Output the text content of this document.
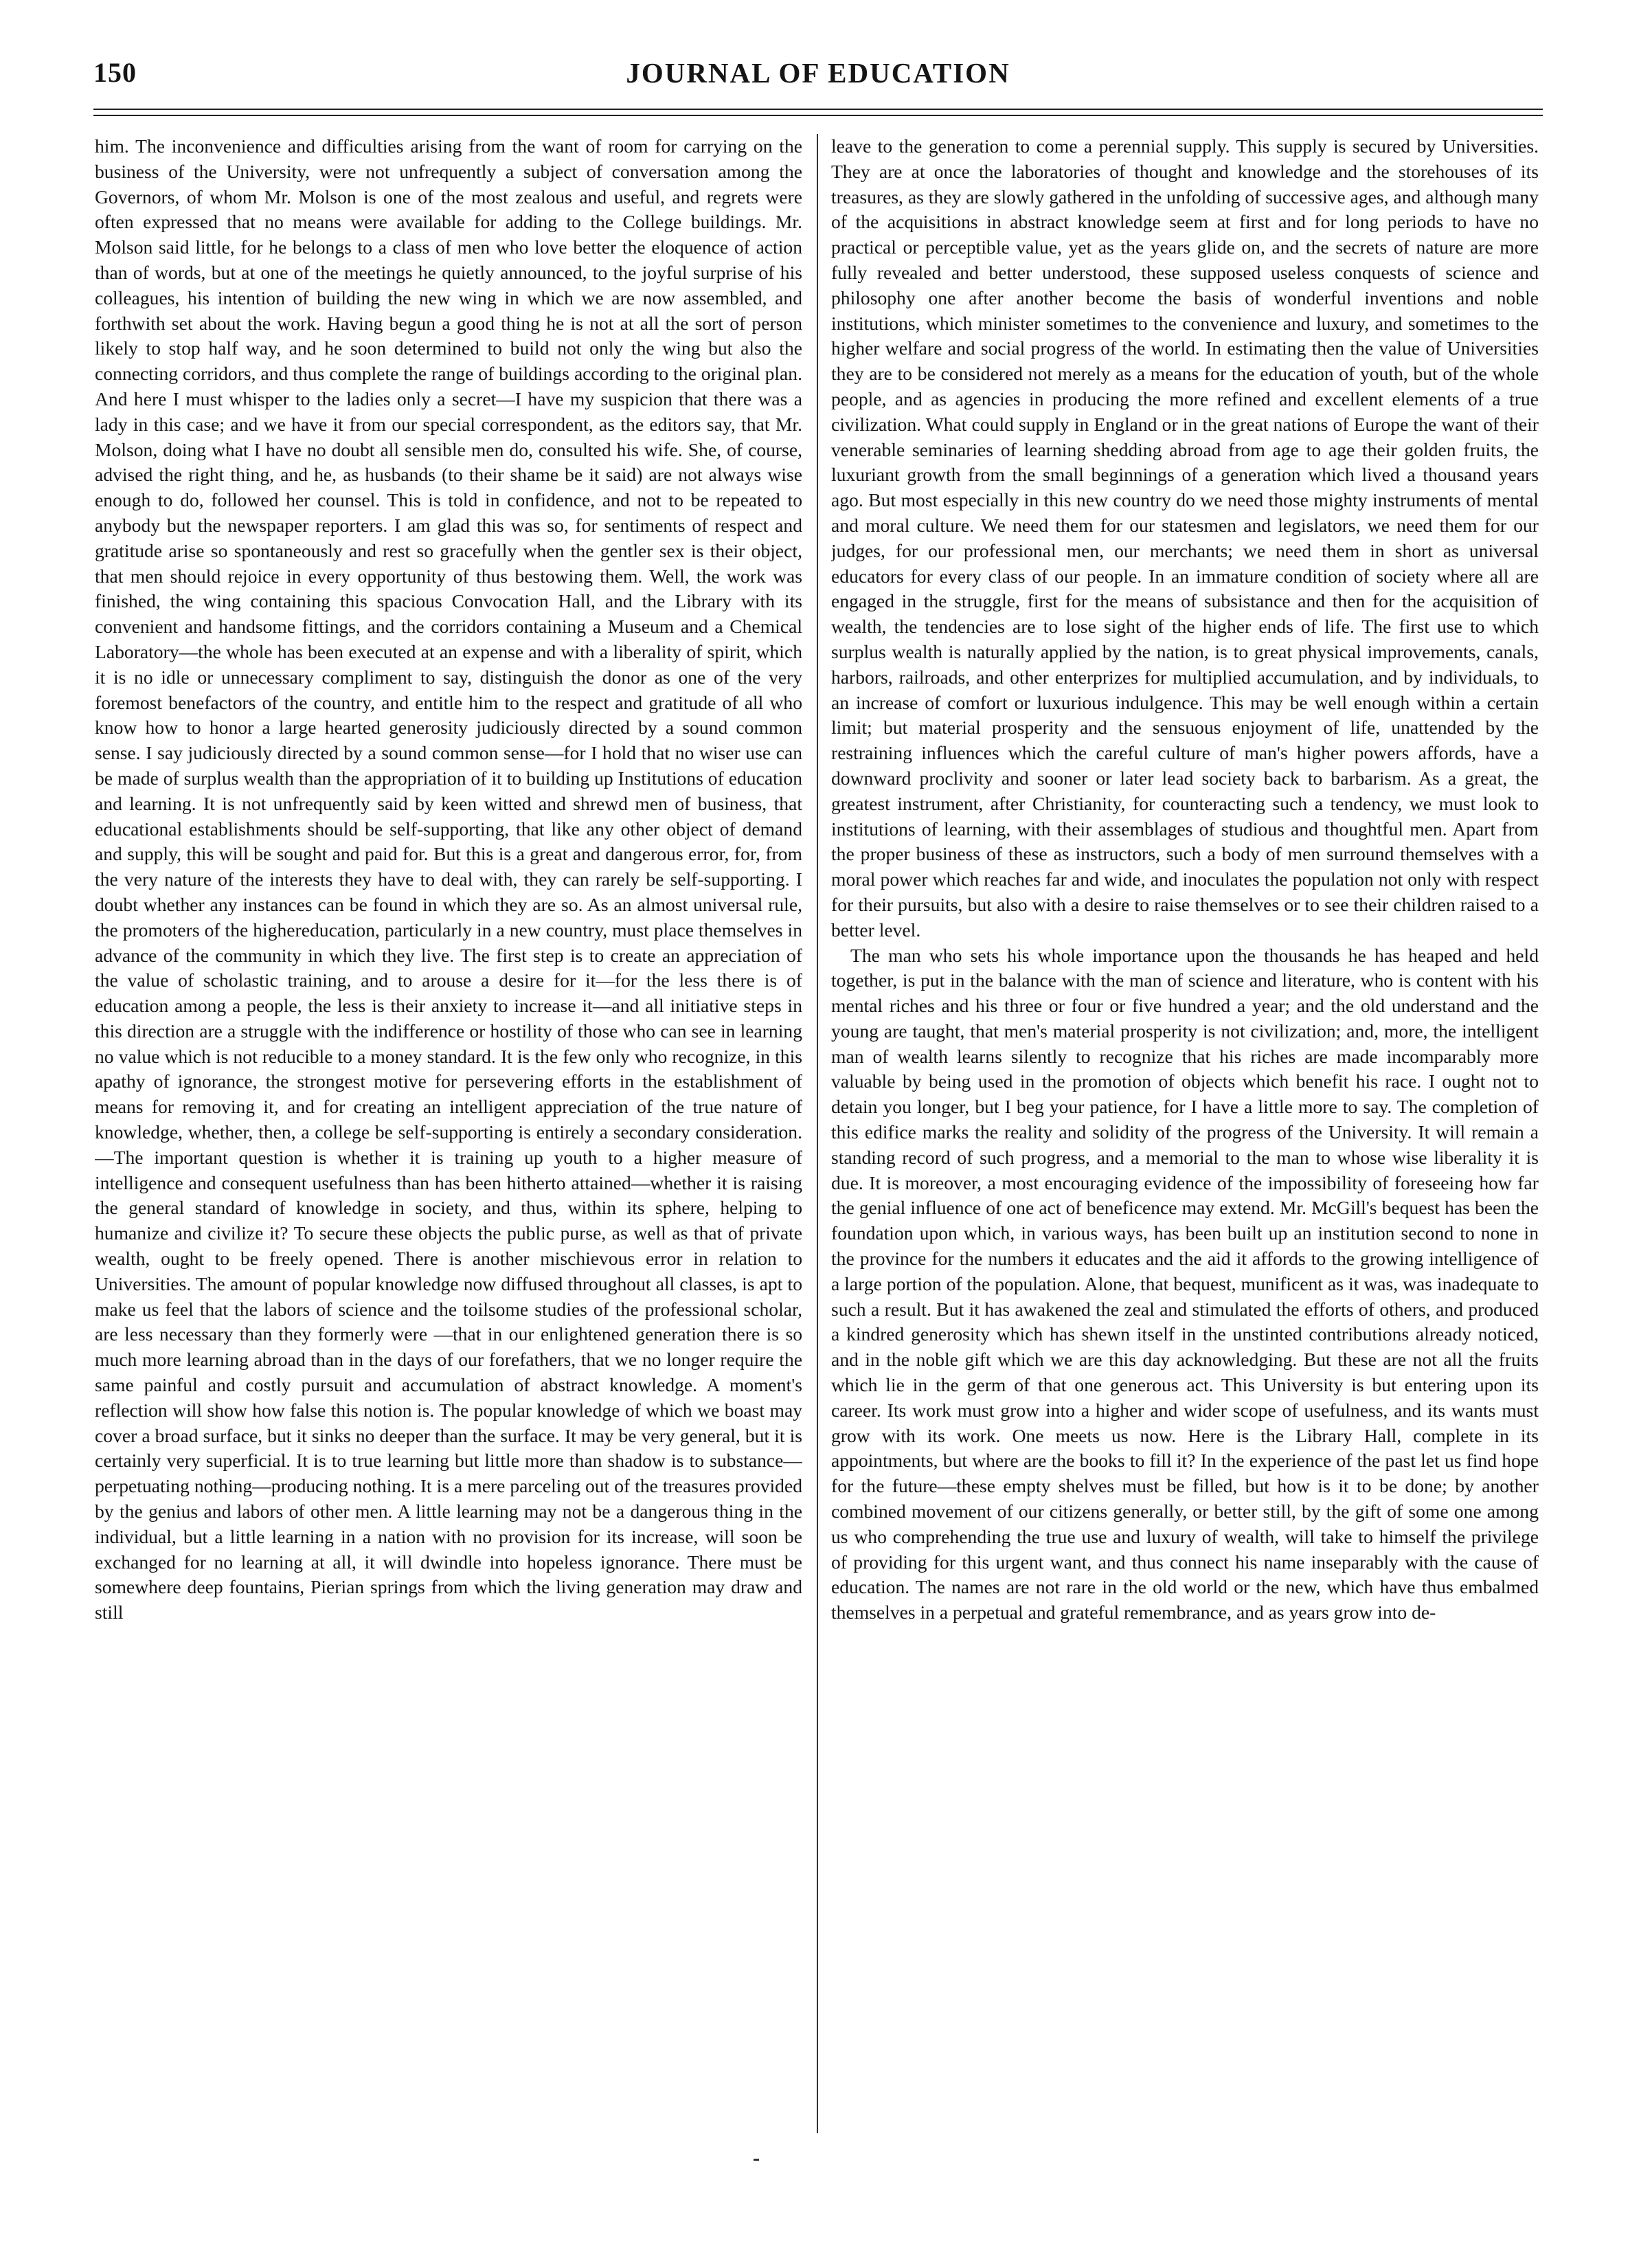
150	JOURNAL OF EDUCATION

him. The inconvenience and difficulties arising from the want of room for carrying on the business of the University, were not unfrequently a subject of conversation among the Governors, of whom Mr. Molson is one of the most zealous and useful, and regrets were often expressed that no means were available for adding to the College buildings. Mr. Molson said little, for he belongs to a class of men who love better the eloquence of action than of words, but at one of the meetings he quietly announced, to the joyful surprise of his colleagues, his intention of building the new wing in which we are now assembled, and forthwith set about the work. Having begun a good thing he is not at all the sort of person likely to stop half way, and he soon determined to build not only the wing but also the connecting corridors, and thus complete the range of buildings according to the original plan. And here I must whisper to the ladies only a secret—I have my suspicion that there was a lady in this case; and we have it from our special correspondent, as the editors say, that Mr. Molson, doing what I have no doubt all sensible men do, consulted his wife. She, of course, advised the right thing, and he, as husbands (to their shame be it said) are not always wise enough to do, followed her counsel. This is told in confidence, and not to be repeated to anybody but the newspaper reporters. I am glad this was so, for sentiments of respect and gratitude arise so spontaneously and rest so gracefully when the gentler sex is their object, that men should rejoice in every opportunity of thus bestowing them. Well, the work was finished, the wing containing this spacious Convocation Hall, and the Library with its convenient and handsome fittings, and the corridors containing a Museum and a Chemical Laboratory—the whole has been executed at an expense and with a liberality of spirit, which it is no idle or unnecessary compliment to say, distinguish the donor as one of the very foremost benefactors of the country, and entitle him to the respect and gratitude of all who know how to honor a large hearted generosity judiciously directed by a sound common sense. I say judiciously directed by a sound common sense—for I hold that no wiser use can be made of surplus wealth than the appropriation of it to building up Institutions of education and learning. It is not unfrequently said by keen witted and shrewd men of business, that educational establishments should be self-supporting, that like any other object of demand and supply, this will be sought and paid for. But this is a great and dangerous error, for, from the very nature of the interests they have to deal with, they can rarely be self-supporting. I doubt whether any instances can be found in which they are so. As an almost universal rule, the promoters of the highereducation, particularly in a new country, must place themselves in advance of the community in which they live. The first step is to create an appreciation of the value of scholastic training, and to arouse a desire for it—for the less there is of education among a people, the less is their anxiety to increase it—and all initiative steps in this direction are a struggle with the indifference or hostility of those who can see in learning no value which is not reducible to a money standard. It is the few only who recognize, in this apathy of ignorance, the strongest motive for persevering efforts in the establishment of means for removing it, and for creating an intelligent appreciation of the true nature of knowledge, whether, then, a college be self-supporting is entirely a secondary consideration.—The important question is whether it is training up youth to a higher measure of intelligence and consequent usefulness than has been hitherto attained—whether it is raising the general standard of knowledge in society, and thus, within its sphere, helping to humanize and civilize it? To secure these objects the public purse, as well as that of private wealth, ought to be freely opened. There is another mischievous error in relation to Universities. The amount of popular knowledge now diffused throughout all classes, is apt to make us feel that the labors of science and the toilsome studies of the professional scholar, are less necessary than they formerly were —that in our enlightened generation there is so much more learning abroad than in the days of our forefathers, that we no longer require the same painful and costly pursuit and accumulation of abstract knowledge. A moment's reflection will show how false this notion is. The popular knowledge of which we boast may cover a broad surface, but it sinks no deeper than the surface. It may be very general, but it is certainly very superficial. It is to true learning but little more than shadow is to substance—perpetuating nothing—producing nothing. It is a mere parceling out of the treasures provided by the genius and labors of other men. A little learning may not be a dangerous thing in the individual, but a little learning in a nation with no provision for its increase, will soon be exchanged for no learning at all, it will dwindle into hopeless ignorance. There must be somewhere deep fountains, Pierian springs from which the living generation may draw and still

leave to the generation to come a perennial supply. This supply is secured by Universities. They are at once the laboratories of thought and knowledge and the storehouses of its treasures, as they are slowly gathered in the unfolding of successive ages, and although many of the acquisitions in abstract knowledge seem at first and for long periods to have no practical or perceptible value, yet as the years glide on, and the secrets of nature are more fully revealed and better understood, these supposed useless conquests of science and philosophy one after another become the basis of wonderful inventions and noble institutions, which minister sometimes to the convenience and luxury, and sometimes to the higher welfare and social progress of the world. In estimating then the value of Universities they are to be considered not merely as a means for the education of youth, but of the whole people, and as agencies in producing the more refined and excellent elements of a true civilization. What could supply in England or in the great nations of Europe the want of their venerable seminaries of learning shedding abroad from age to age their golden fruits, the luxuriant growth from the small beginnings of a generation which lived a thousand years ago. But most especially in this new country do we need those mighty instruments of mental and moral culture. We need them for our statesmen and legislators, we need them for our judges, for our professional men, our merchants; we need them in short as universal educators for every class of our people. In an immature condition of society where all are engaged in the struggle, first for the means of subsistance and then for the acquisition of wealth, the tendencies are to lose sight of the higher ends of life. The first use to which surplus wealth is naturally applied by the nation, is to great physical improvements, canals, harbors, railroads, and other enterprizes for multiplied accumulation, and by individuals, to an increase of comfort or luxurious indulgence. This may be well enough within a certain limit; but material prosperity and the sensuous enjoyment of life, unattended by the restraining influences which the careful culture of man's higher powers affords, have a downward proclivity and sooner or later lead society back to barbarism. As a great, the greatest instrument, after Christianity, for counteracting such a tendency, we must look to institutions of learning, with their assemblages of studious and thoughtful men. Apart from the proper business of these as instructors, such a body of men surround themselves with a moral power which reaches far and wide, and inoculates the population not only with respect for their pursuits, but also with a desire to raise themselves or to see their children raised to a better level.

The man who sets his whole importance upon the thousands he has heaped and held together, is put in the balance with the man of science and literature, who is content with his mental riches and his three or four or five hundred a year; and the old understand and the young are taught, that men's material prosperity is not civilization; and, more, the intelligent man of wealth learns silently to recognize that his riches are made incomparably more valuable by being used in the promotion of objects which benefit his race. I ought not to detain you longer, but I beg your patience, for I have a little more to say. The completion of this edifice marks the reality and solidity of the progress of the University. It will remain a standing record of such progress, and a memorial to the man to whose wise liberality it is due. It is moreover, a most encouraging evidence of the impossibility of foreseeing how far the genial influence of one act of beneficence may extend. Mr. McGill's bequest has been the foundation upon which, in various ways, has been built up an institution second to none in the province for the numbers it educates and the aid it affords to the growing intelligence of a large portion of the population. Alone, that bequest, munificent as it was, was inadequate to such a result. But it has awakened the zeal and stimulated the efforts of others, and produced a kindred generosity which has shewn itself in the unstinted contributions already noticed, and in the noble gift which we are this day acknowledging. But these are not all the fruits which lie in the germ of that one generous act. This University is but entering upon its career. Its work must grow into a higher and wider scope of usefulness, and its wants must grow with its work. One meets us now. Here is the Library Hall, complete in its appointments, but where are the books to fill it? In the experience of the past let us find hope for the future—these empty shelves must be filled, but how is it to be done; by another combined movement of our citizens generally, or better still, by the gift of some one among us who comprehending the true use and luxury of wealth, will take to himself the privilege of providing for this urgent want, and thus connect his name inseparably with the cause of education. The names are not rare in the old world or the new, which have thus embalmed themselves in a perpetual and grateful remembrance, and as years grow into de-
